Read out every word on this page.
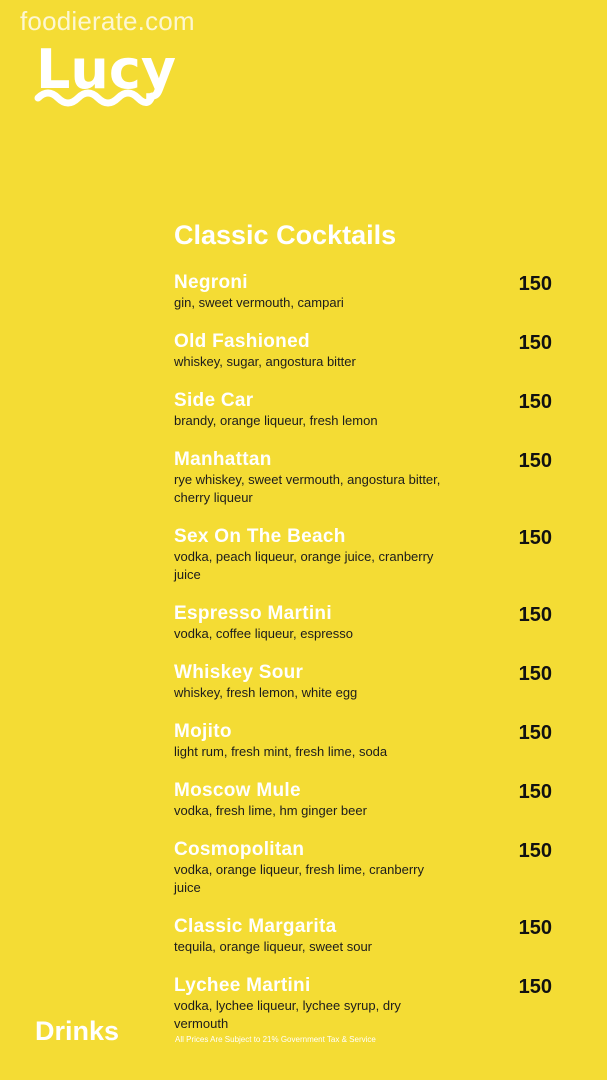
foodierate.com
Lucy
Classic Cocktails
Negroni
gin, sweet vermouth, campari
150
Old Fashioned
whiskey, sugar, angostura bitter
150
Side Car
brandy, orange liqueur, fresh lemon
150
Manhattan
rye whiskey, sweet vermouth, angostura bitter, cherry liqueur
150
Sex On The Beach
vodka, peach liqueur, orange juice, cranberry juice
150
Espresso Martini
vodka, coffee liqueur, espresso
150
Whiskey Sour
whiskey, fresh lemon, white egg
150
Mojito
light rum, fresh mint, fresh lime, soda
150
Moscow Mule
vodka, fresh lime, hm ginger beer
150
Cosmopolitan
vodka, orange liqueur, fresh lime, cranberry juice
150
Classic Margarita
tequila, orange liqueur, sweet sour
150
Lychee Martini
vodka, lychee liqueur, lychee syrup, dry vermouth
150
Drinks	All Prices Are Subject to 21% Government Tax & Service
